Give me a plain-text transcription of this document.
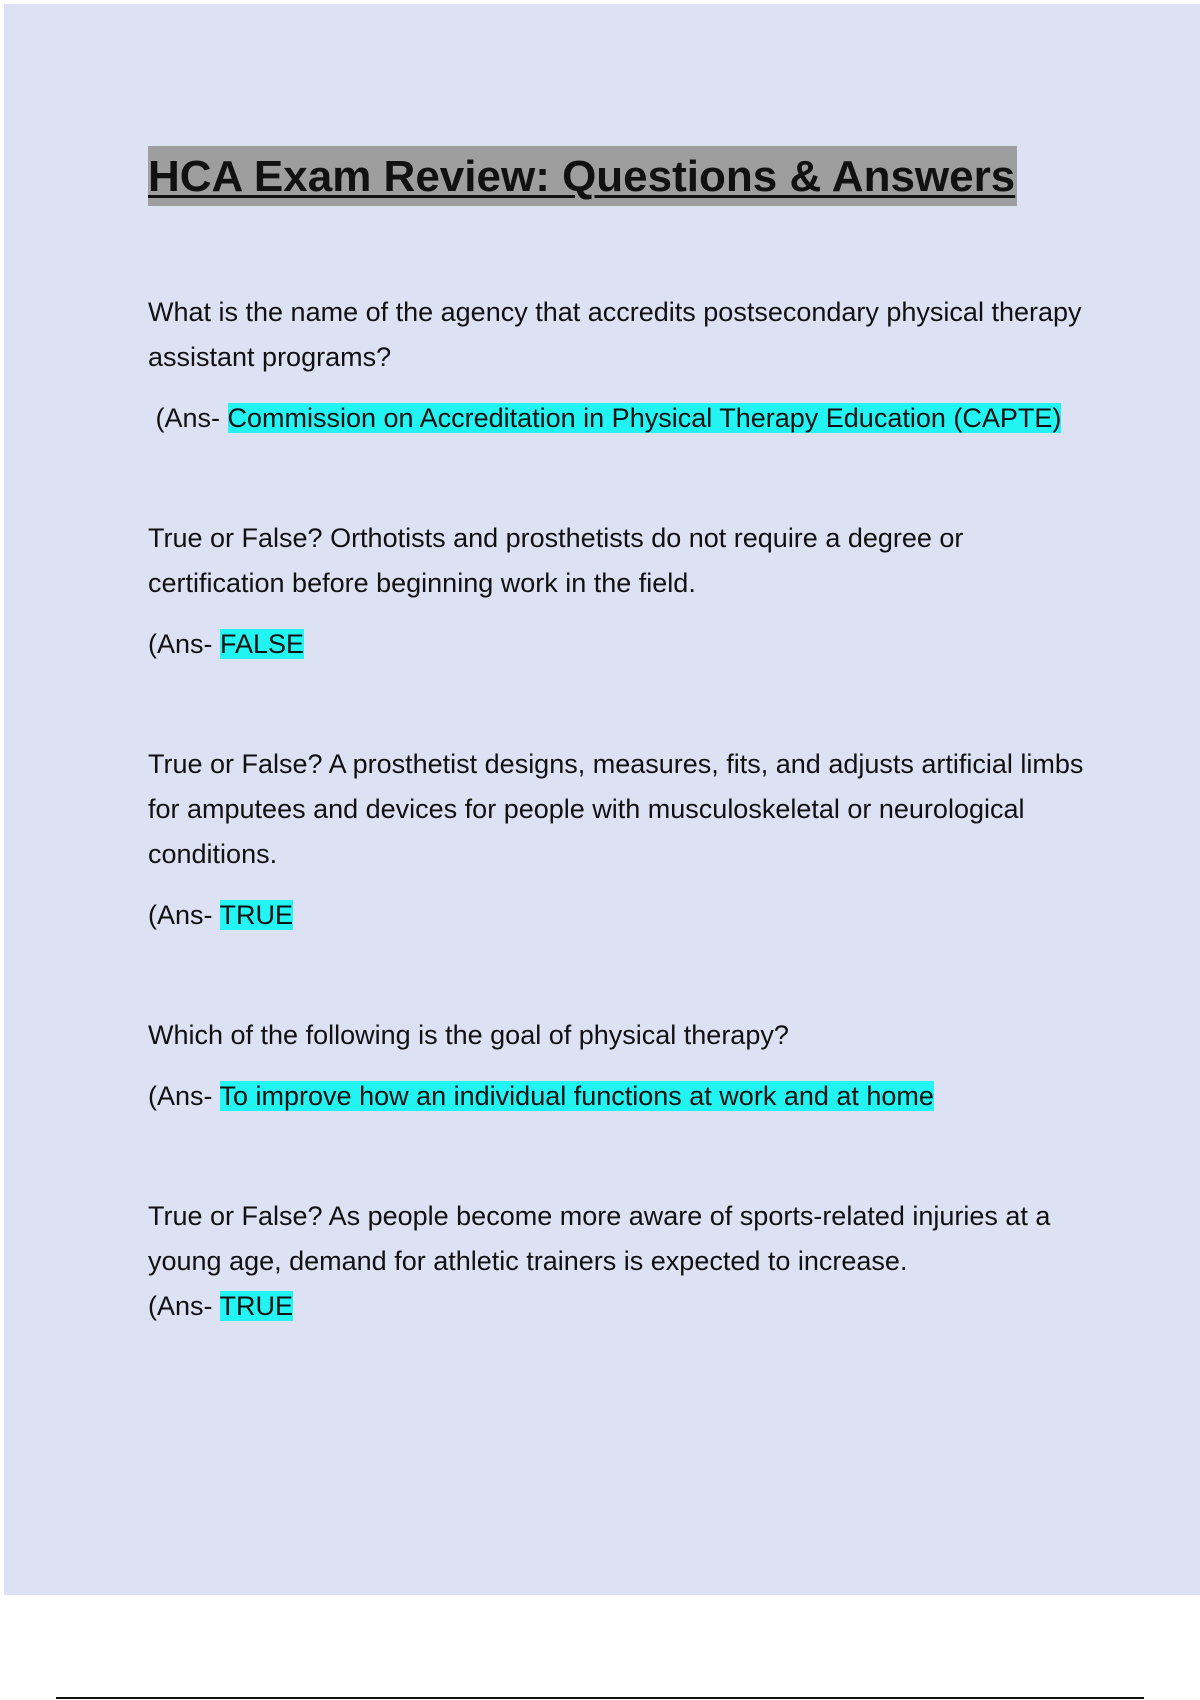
HCA Exam Review: Questions & Answers

What is the name of the agency that accredits postsecondary physical therapy assistant programs?

(Ans- Commission on Accreditation in Physical Therapy Education (CAPTE)

True or False? Orthotists and prosthetists do not require a degree or certification before beginning work in the field.

(Ans- FALSE

True or False? A prosthetist designs, measures, fits, and adjusts artificial limbs for amputees and devices for people with musculoskeletal or neurological conditions.

(Ans- TRUE

Which of the following is the goal of physical therapy?

(Ans- To improve how an individual functions at work and at home

True or False? As people become more aware of sports-related injuries at a young age, demand for athletic trainers is expected to increase.

(Ans- TRUE
